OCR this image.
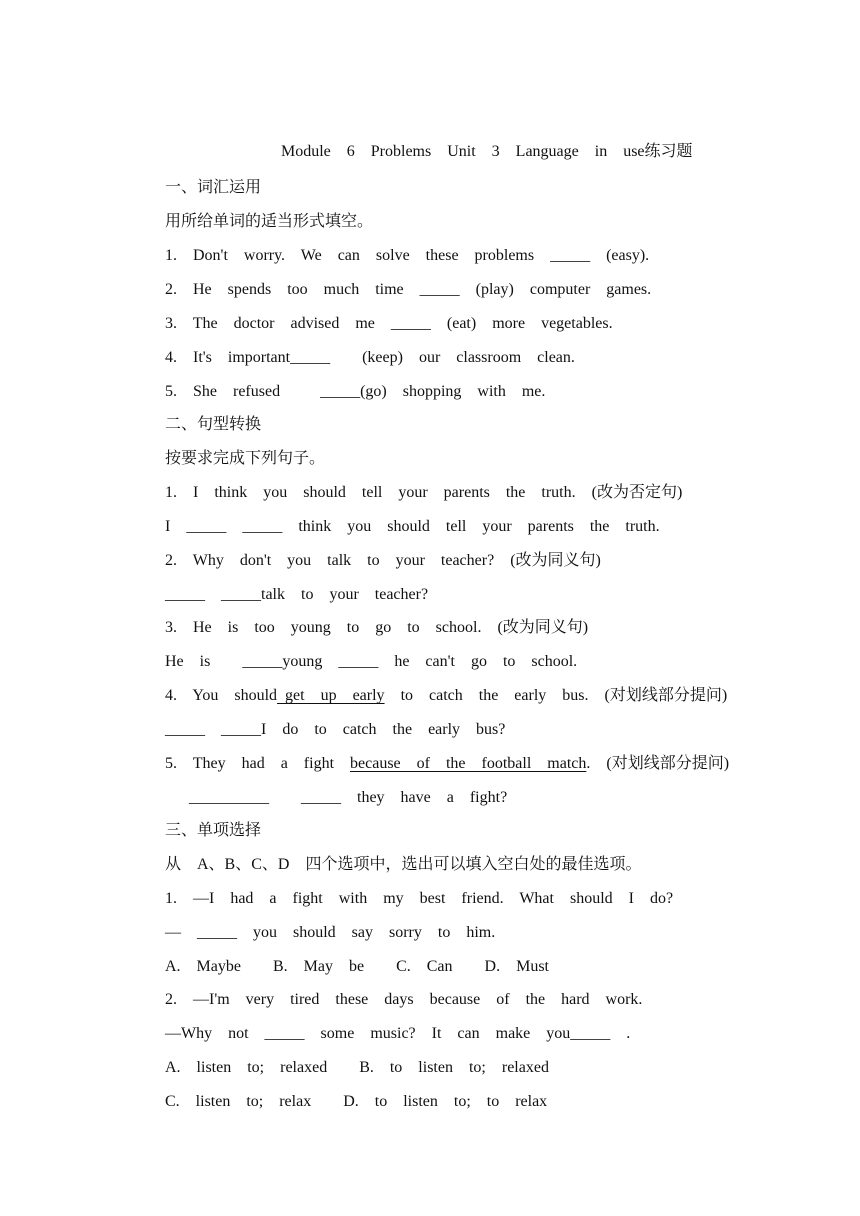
Module  6  Problems  Unit  3  Language  in  use练习题
一、词汇运用
用所给单词的适当形式填空。
1.  Don't  worry.  We  can  solve  these  problems  _____  (easy).
2.  He  spends  too  much  time  _____  (play)  computer  games.
3.  The  doctor  advised  me  _____  (eat)  more  vegetables.
4.  It's  important_____    (keep)  our  classroom  clean.
5.  She  refused     _____(go)  shopping  with  me.
二、句型转换
按要求完成下列句子。
1.  I  think  you  should  tell  your  parents  the  truth.  (改为否定句)
I  _____  _____  think  you  should  tell  your  parents  the  truth.
2.  Why  don't  you  talk  to  your  teacher?  (改为同义句)
_____  _____talk  to  your  teacher?
3.  He  is  too  young  to  go  to  school.  (改为同义句)
He  is    _____young  _____  he  can't  go  to  school.
4.  You  should get  up  early  to  catch  the  early  bus.  (对划线部分提问)
_____  _____I  do  to  catch  the  early  bus?
5.  They  had  a  fight  because  of  the  football  match.  (对划线部分提问)
__________    _____  they  have  a  fight?
三、单项选择
从  A、B、C、D  四个选项中，选出可以填入空白处的最佳选项。
1.  —I  had  a  fight  with  my  best  friend.  What  should  I  do?
—  _____  you  should  say  sorry  to  him.
A.  Maybe    B.  May  be    C.  Can    D.  Must
2.  —I'm  very  tired  these  days  because  of  the  hard  work.
—Why  not  _____  some  music?  It  can  make  you_____  .
A.  listen  to;  relaxed    B.  to  listen  to;  relaxed
C.  listen  to;  relax    D.  to  listen  to;  to  relax
